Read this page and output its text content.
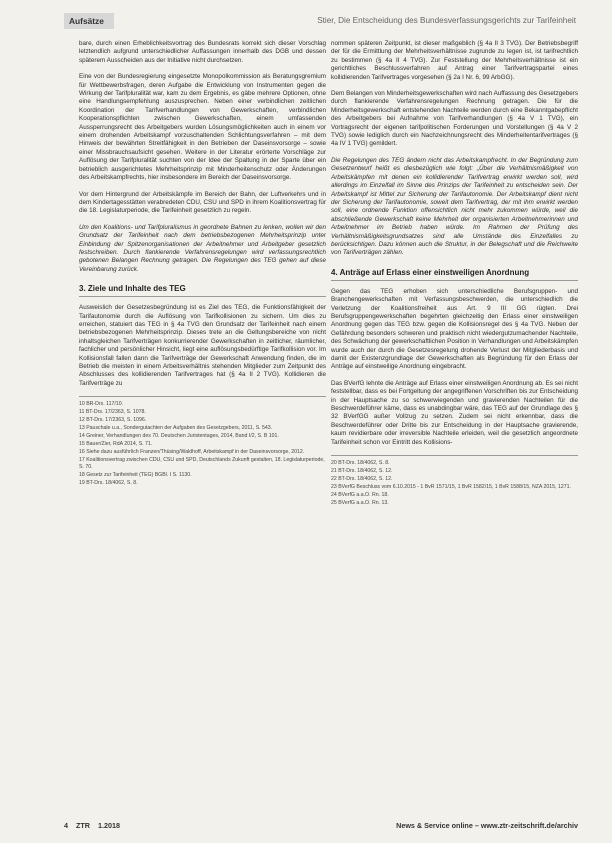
Aufsätze	Stier, Die Entscheidung des Bundesverfassungsgerichts zur Tarifeinheit

bare, durch einen Erheblichkeitsvortrag des Bundesrats korrekt sich dieser Vorschlag letztendlich aufgrund unterschiedlicher Auffassungen innerhalb des DGB und dessen späterem Ausscheiden aus der Initiative nicht durchsetzen.

Eine von der Bundesregierung eingesetzte Monopolkommission als Beratungsgremium für Wettbewerbsfragen, deren Aufgabe die Entwicklung von Instrumenten gegen die Wirkung der Tarifpluralität war, kam zu dem Ergebnis, es gäbe mehrere Optionen, ohne eine Handlungsempfehlung auszusprechen. Neben einer verbindlichen zeitlichen Koordination der Tarifverhandlungen von Gewerkschaften, verbindlichen Kooperationspflichten zwischen Gewerkschaften, einem umfassenden Aussperrungsrecht des Arbeitgebers wurden Lösungsmöglichkeiten auch in einem vor einem drohenden Arbeitskampf vorzuschaltenden Schlichtungsverfahren – mit dem Hinweis der bewährten Streitfähigkeit in den Betrieben der Daseinsvorsorge – sowie einer Missbrauchsaufsicht gesehen. Weitere in der Literatur erörterte Vorschläge zur Auflösung der Tarifpluralität suchten von der Idee der Spaltung in der Sparte über ein betrieblich ausgerichtetes Mehrheitsprinzip mit Minderheitenschutz oder Änderungen des Arbeitskampfrechts, hier insbesondere im Bereich der Daseinsvorsorge.

Vor dem Hintergrund der Arbeitskämpfe im Bereich der Bahn, der Luftverkehrs und in dem Kindertagesstätten verabredeten CDU, CSU und SPD in ihrem Koalitionsvertrag für die 18. Legislaturperiode, die Tarifeinheit gesetzlich zu regeln.

Um den Koalitions- und Tarifpluralismus in geordnete Bahnen zu lenken, wollen wir den Grundsatz der Tarifeinheit nach dem betriebsbezogenen Mehrheitsprinzip unter Einbindung der Spitzenorganisationen der Arbeitnehmer und Arbeitgeber gesetzlich festschreiben. Durch flankierende Verfahrensregelungen wird verfassungsrechtlich gebotenen Belangen Rechnung getragen. Die Regelungen des TEG gehen auf diese Vereinbarung zurück.

3. Ziele und Inhalte des TEG

Ausweislich der Gesetzesbegründung ist es Ziel des TEG, die Funktionsfähigkeit der Tarifautonomie durch die Auflösung von Tarifkollisionen zu sichern. Um dies zu erreichen, statuiert das TEG in § 4a TVG den Grundsatz der Tarifeinheit nach einem betriebsbezogenen Mehrheitsprinzip. Dieses trete an die Geltungsbereiche von nicht inhaltsgleichen Tarifverträgen konkurrierender Gewerkschaften in zeitlicher, räumlicher, fachlicher und persönlicher Hinsicht, liegt eine auflösungsbedürftige Tarifkollision vor. Im Kollisionsfall fallen dann die Tarifverträge der Gewerkschaft Anwendung finden, die im Betrieb die meisten in einem Arbeitsverhältnis stehenden Mitglieder zum Zeitpunkt des Abschlusses des kollidierenden Tarifvertrages hat (§ 4a II 2 TVG). Kollidieren die Tarifverträge zu

10 BR-Drs. 117/10.
11 BT-Drs. 17/2363, S. 1078.
12 BT-Drs. 17/2363, S. 1096.
13 Pauschale u.a., Sondergutachten der Aufgaben des Gesetzgebers, 2011, S. 543.
14 Greiner, Verhandlungen des 70. Deutschen Juristentages, 2014, Band I/2, S. B 101.
15 Bauer/Zier, RdA 2014, S. 71.
16 Siehe dazu ausführlich Franzen/Thüsing/Waldhoff, Arbeitskampf in der Daseinsvorsorge, 2012.
17 Koalitionsvertrag zwischen CDU, CSU und SPD, Deutschlands Zukunft gestalten, 18. Legislaturperiode, S. 70.
18 Gesetz zur Tarifeinheit (TEG) BGBl. I S. 1130.
19 BT-Drs. 18/4062, S. 8.

nommen späteren Zeitpunkt, ist dieser maßgeblich (§ 4a II 3 TVG). Der Betriebsbegriff der für die Ermittlung der Mehrheitsverhältnisse zugrunde zu legen ist, ist tarifrechtlich zu bestimmen (§ 4a II 4 TVG). Zur Feststellung der Mehrheitsverhältnisse ist ein gerichtliches Beschlussverfahren auf Antrag einer Tarifvertragspartei eines kollidierenden Tarifvertrages vorgesehen (§ 2a I Nr. 6, 99 ArbGG).

Dem Belangen von Minderheitsgewerkschaften wird nach Auffassung des Gesetzgebers durch flankierende Verfahrensregelungen Rechnung getragen. Die für die Minderheitsgewerkschaft entstehenden Nachteile werden durch eine Bekanntgabepflicht des Arbeitgebers bei Aufnahme von Tarifverhandlungen (§ 4a V 1 TVG), ein Vortragsrecht der eigenen tarifpolitischen Forderungen und Vorstellungen (§ 4a V 2 TVG) sowie lediglich durch ein Nachzeichnungsrecht des Minderheitentarifvertrages (§ 4a IV 1 TVG) gemildert.

Die Regelungen des TEG ändern nicht das Arbeitskampfrecht. In der Begründung zum Gesetzentwurf heißt es diesbezüglich wie folgt: „Über die Verhältnismäßigkeit von Arbeitskämpfen mit denen ein kollidierender Tarifvertrag erwirkt werden soll, wird allerdings im Einzelfall im Sinne des Prinzips der Tarifeinheit zu entscheiden sein. Der Arbeitskampf ist Mittel zur Sicherung der Tarifautonomie. Der Arbeitskampf dient nicht der Sicherung der Tarifautonomie, soweit dem Tarifvertrag, der mit ihm erwirkt werden soll, eine ordnende Funktion offensichtlich nicht mehr zukommen würde, weil die abschließende Gewerkschaft keine Mehrheit der organisierten Arbeitnehmerinnen und Arbeitnehmer im Betrieb haben würde. Im Rahmen der Prüfung des Verhältnismäßigkeitsgrundsatzes sind alle Umstände des Einzelfalles zu berücksichtigen. Dazu können auch die Struktur, in der Belegschaft und die Reichweite von Tarifverträgen zählen.

4. Anträge auf Erlass einer einstweiligen Anordnung

Gegen das TEG erhoben sich unterschiedliche Berufsgruppen- und Branchengewerkschaften mit Verfassungsbeschwerden, die unterschiedlich die Verletzung der Koalitionsfreiheit aus Art. 9 III GG rügten. Drei Berufsgruppengewerkschaften begehrten gleichzeitig den Erlass einer einstweiligen Anordnung gegen das TEG bzw. gegen die Kollisionsregel des § 4a TVG. Neben der Gefährdung besonders schweren und praktisch nicht wiedergutzumachender Nachteile, des Schwächung der gewerkschaftlichen Position in Verhandlungen und Arbeitskämpfen wurde auch der durch die Gesetzesregelung drohende Verlust der Mitgliederbasis und damit der Existenzgrundlage der Gewerkschaften als Begründung für den Erlass der Anträge auf einstweilige Anordnung eingebracht.

Das BVerfG lehnte die Anträge auf Erlass einer einstweiligen Anordnung ab. Es sei nicht feststellbar, dass es bei Fortgeltung der angegriffenen Vorschriften bis zur Entscheidung in der Hauptsache zu so schwerwiegenden und gravierenden Nachteilen für die Beschwerdeführer käme, dass es unabdingbar wäre, das TEG auf der Grundlage des § 32 BVerfGG außer Vollzug zu setzen. Zudem sei nicht erkennbar, dass die Beschwerdeführer oder Dritte bis zur Entscheidung in der Hauptsache gravierende, kaum revidierbare oder irreversible Nachteile erleiden, weil die gesetzlich angeordnete Tarifeinheit schon vor Eintritt des Kollisions-

20 BT-Drs. 18/4062, S. 8.
21 BT-Drs. 18/4062, S. 12.
22 BT-Drs. 18/4062, S. 12.
23 BVerfG Beschluss vom 6.10.2015 - 1 BvR 1571/15, 1 BvR 1582/15, 1 BvR 1588/15, NZA 2015, 1271.
24 BVerfG a.a.O. Rn. 18.
25 BVerfG a.a.O. Rn. 13.
4 ZTR 1.2018	News & Service online – www.ztr-zeitschrift.de/archiv
